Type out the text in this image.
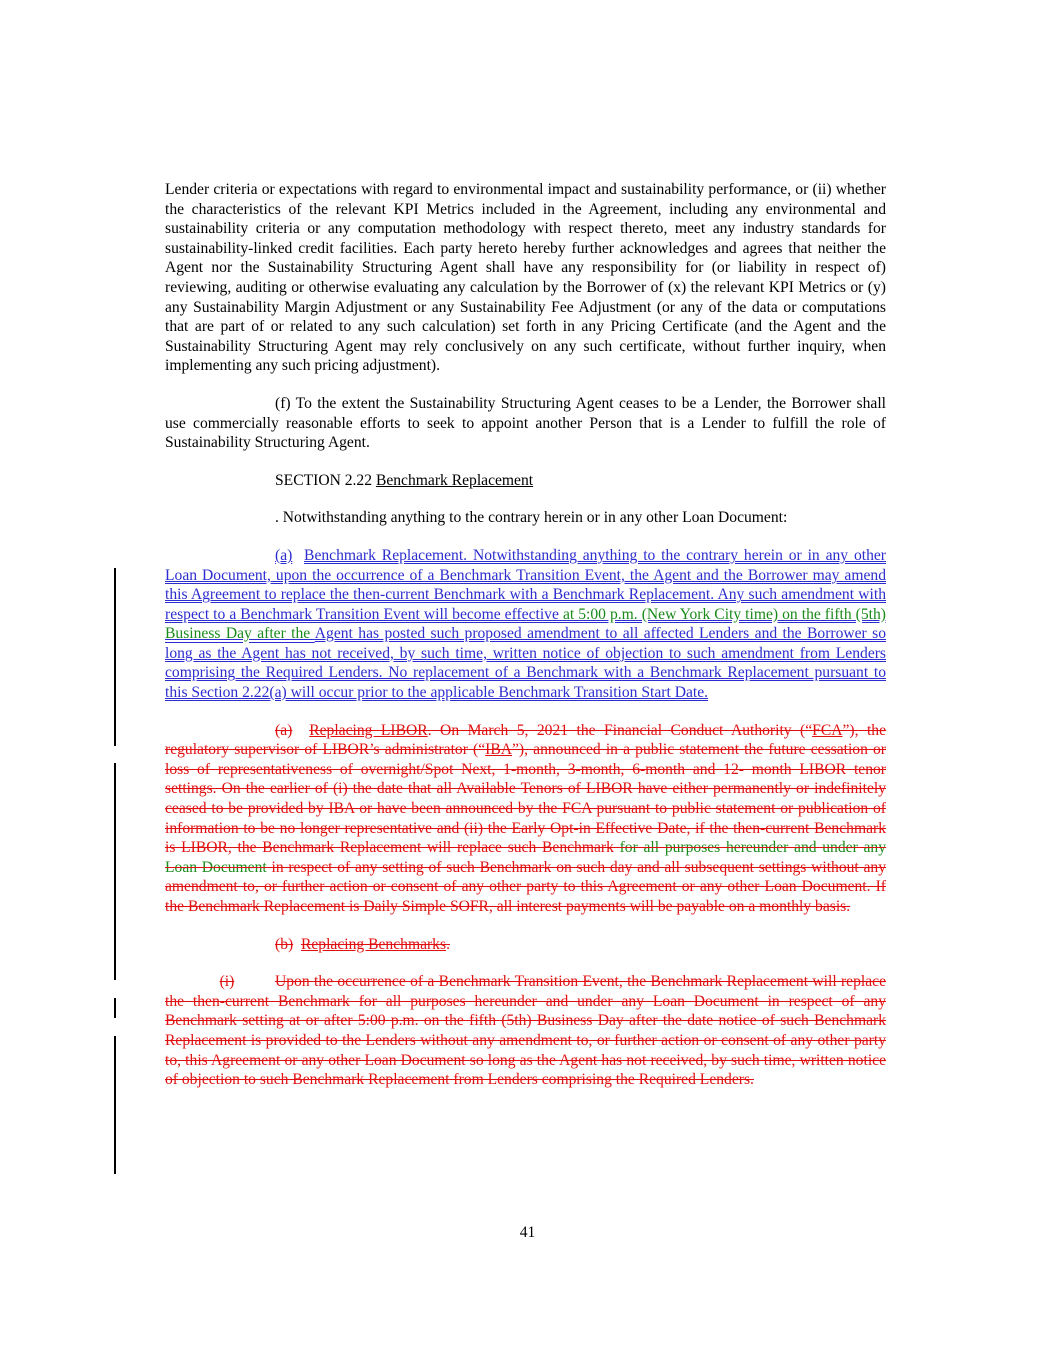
Lender criteria or expectations with regard to environmental impact and sustainability performance, or (ii) whether the characteristics of the relevant KPI Metrics included in the Agreement, including any environmental and sustainability criteria or any computation methodology with respect thereto, meet any industry standards for sustainability-linked credit facilities. Each party hereto hereby further acknowledges and agrees that neither the Agent nor the Sustainability Structuring Agent shall have any responsibility for (or liability in respect of) reviewing, auditing or otherwise evaluating any calculation by the Borrower of (x) the relevant KPI Metrics or (y) any Sustainability Margin Adjustment or any Sustainability Fee Adjustment (or any of the data or computations that are part of or related to any such calculation) set forth in any Pricing Certificate (and the Agent and the Sustainability Structuring Agent may rely conclusively on any such certificate, without further inquiry, when implementing any such pricing adjustment).

(f) To the extent the Sustainability Structuring Agent ceases to be a Lender, the Borrower shall use commercially reasonable efforts to seek to appoint another Person that is a Lender to fulfill the role of Sustainability Structuring Agent.

SECTION 2.22 Benchmark Replacement

. Notwithstanding anything to the contrary herein or in any other Loan Document:

(a) Benchmark Replacement. Notwithstanding anything to the contrary herein or in any other Loan Document, upon the occurrence of a Benchmark Transition Event, the Agent and the Borrower may amend this Agreement to replace the then-current Benchmark with a Benchmark Replacement. Any such amendment with respect to a Benchmark Transition Event will become effective at 5:00 p.m. (New York City time) on the fifth (5th) Business Day after the Agent has posted such proposed amendment to all affected Lenders and the Borrower so long as the Agent has not received, by such time, written notice of objection to such amendment from Lenders comprising the Required Lenders. No replacement of a Benchmark with a Benchmark Replacement pursuant to this Section 2.22(a) will occur prior to the applicable Benchmark Transition Start Date.

(a) Replacing LIBOR. On March 5, 2021 the Financial Conduct Authority (“FCA”), the regulatory supervisor of LIBOR’s administrator (“IBA”), announced in a public statement the future cessation or loss of representativeness of overnight/Spot Next, 1-month, 3-month, 6-month and 12- month LIBOR tenor settings. On the earlier of (i) the date that all Available Tenors of LIBOR have either permanently or indefinitely ceased to be provided by IBA or have been announced by the FCA pursuant to public statement or publication of information to be no longer representative and (ii) the Early Opt-in Effective Date, if the then-current Benchmark is LIBOR, the Benchmark Replacement will replace such Benchmark for all purposes hereunder and under any Loan Document in respect of any setting of such Benchmark on such day and all subsequent settings without any amendment to, or further action or consent of any other party to this Agreement or any other Loan Document. If the Benchmark Replacement is Daily Simple SOFR, all interest payments will be payable on a monthly basis.

(b) Replacing Benchmarks.

(i)	Upon the occurrence of a Benchmark Transition Event, the Benchmark Replacement will replace the then-current Benchmark for all purposes hereunder and under any Loan Document in respect of any Benchmark setting at or after 5:00 p.m. on the fifth (5th) Business Day after the date notice of such Benchmark Replacement is provided to the Lenders without any amendment to, or further action or consent of any other party to, this Agreement or any other Loan Document so long as the Agent has not received, by such time, written notice of objection to such Benchmark Replacement from Lenders comprising the Required Lenders.

41
